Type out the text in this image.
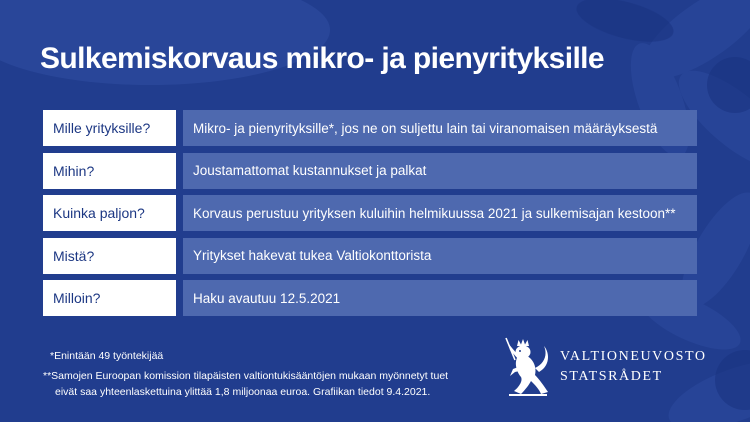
Sulkemiskorvaus mikro- ja pienyrityksille
Mille yrityksille?	Mikro- ja pienyrityksille*, jos ne on suljettu lain tai viranomaisen määräyksestä
Mihin?	Joustamattomat kustannukset ja palkat
Kuinka paljon?	Korvaus perustuu yrityksen kuluihin helmikuussa 2021 ja sulkemisajan kestoon**
Mistä?	Yritykset hakevat tukea Valtiokonttorista
Milloin?	Haku avautuu 12.5.2021
*Enintään 49 työntekijää
**Samojen Euroopan komission tilapäisten valtiontukisääntöjen mukaan myönnetyt tuet
eivät saa yhteenlaskettuina ylittää 1,8 miljoonaa euroa. Grafiikan tiedot 9.4.2021.
VALTIONEUVOSTO
STATSRÅDET
